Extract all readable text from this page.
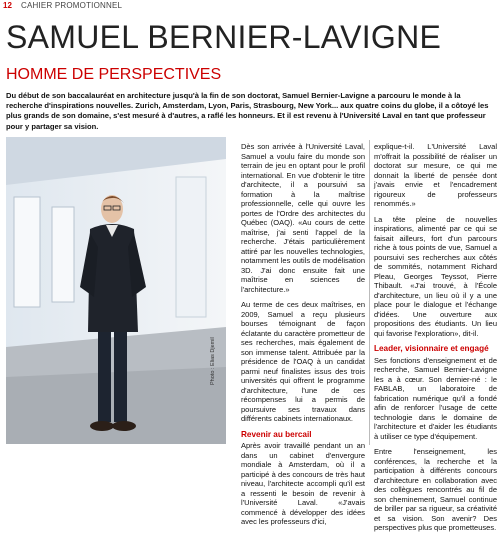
12 CAHIER PROMOTIONNEL
SAMUEL BERNIER-LAVIGNE
HOMME DE PERSPECTIVES
Du début de son baccalauréat en architecture jusqu'à la fin de son doctorat, Samuel Bernier-Lavigne a parcouru le monde à la recherche d'inspirations nouvelles. Zurich, Amsterdam, Lyon, Paris, Strasbourg, New York... aux quatre coins du globe, il a côtoyé les plus grands de son domaine, s'est mesuré à d'autres, a raflé les honneurs. Et il est revenu à l'Université Laval en tant que professeur pour y partager sa vision.
Photo : Elias Djemil

Dès son arrivée à l'Université Laval, Samuel a voulu faire du monde son terrain de jeu en optant pour le profil international. En vue d'obtenir le titre d'architecte, il a poursuivi sa formation à la maîtrise professionnelle, celle qui ouvre les portes de l'Ordre des architectes du Québec (OAQ). «Au cours de cette maîtrise, j'ai senti l'appel de la recherche. J'étais particulièrement attiré par les nouvelles technologies, notamment les outils de modélisation 3D. J'ai donc ensuite fait une maîtrise en sciences de l'architecture.»

Au terme de ces deux maîtrises, en 2009, Samuel a reçu plusieurs bourses témoignant de façon éclatante du caractère prometteur de ses recherches, mais également de son immense talent. Attribuée par la présidence de l'OAQ à un candidat parmi neuf finalistes issus des trois universités qui offrent le programme d'architecture, l'une de ces récompenses lui a permis de poursuivre ses travaux dans différents cabinets internationaux.

Revenir au bercail

Après avoir travaillé pendant un an dans un cabinet d'envergure mondiale à Amsterdam, où il a participé à des concours de très haut niveau, l'architecte accompli qu'il est a ressenti le besoin de revenir à l'Université Laval. «J'avais commencé à développer des idées avec les professeurs d'ici,

explique-t-il. L'Université Laval m'offrait la possibilité de réaliser un doctorat sur mesure, ce qui me donnait la liberté de pensée dont j'avais envie et l'encadrement rigoureux de professeurs renommés.»

La tête pleine de nouvelles inspirations, alimenté par ce qui se faisait ailleurs, fort d'un parcours riche à tous points de vue, Samuel a poursuivi ses recherches aux côtés de sommités, notamment Richard Pleau, Georges Teyssot, Pierre Thibault. «J'ai trouvé, à l'École d'architecture, un lieu où il y a une place pour le dialogue et l'échange d'idées. Une ouverture aux propositions des étudiants. Un lieu qui favorise l'exploration», dit-il.

Leader, visionnaire et engagé

Ses fonctions d'enseignement et de recherche, Samuel Bernier-Lavigne les a à cœur. Son dernier-né : le FABLAB, un laboratoire de fabrication numérique qu'il a fondé afin de renforcer l'usage de cette technologie dans le domaine de l'architecture et d'aider les étudiants à utiliser ce type d'équipement.

Entre l'enseignement, les conférences, la recherche et la participation à différents concours d'architecture en collaboration avec des collègues rencontrés au fil de son cheminement, Samuel continue de briller par sa rigueur, sa créativité et sa vision. Son avenir? Des perspectives plus que prometteuses.
